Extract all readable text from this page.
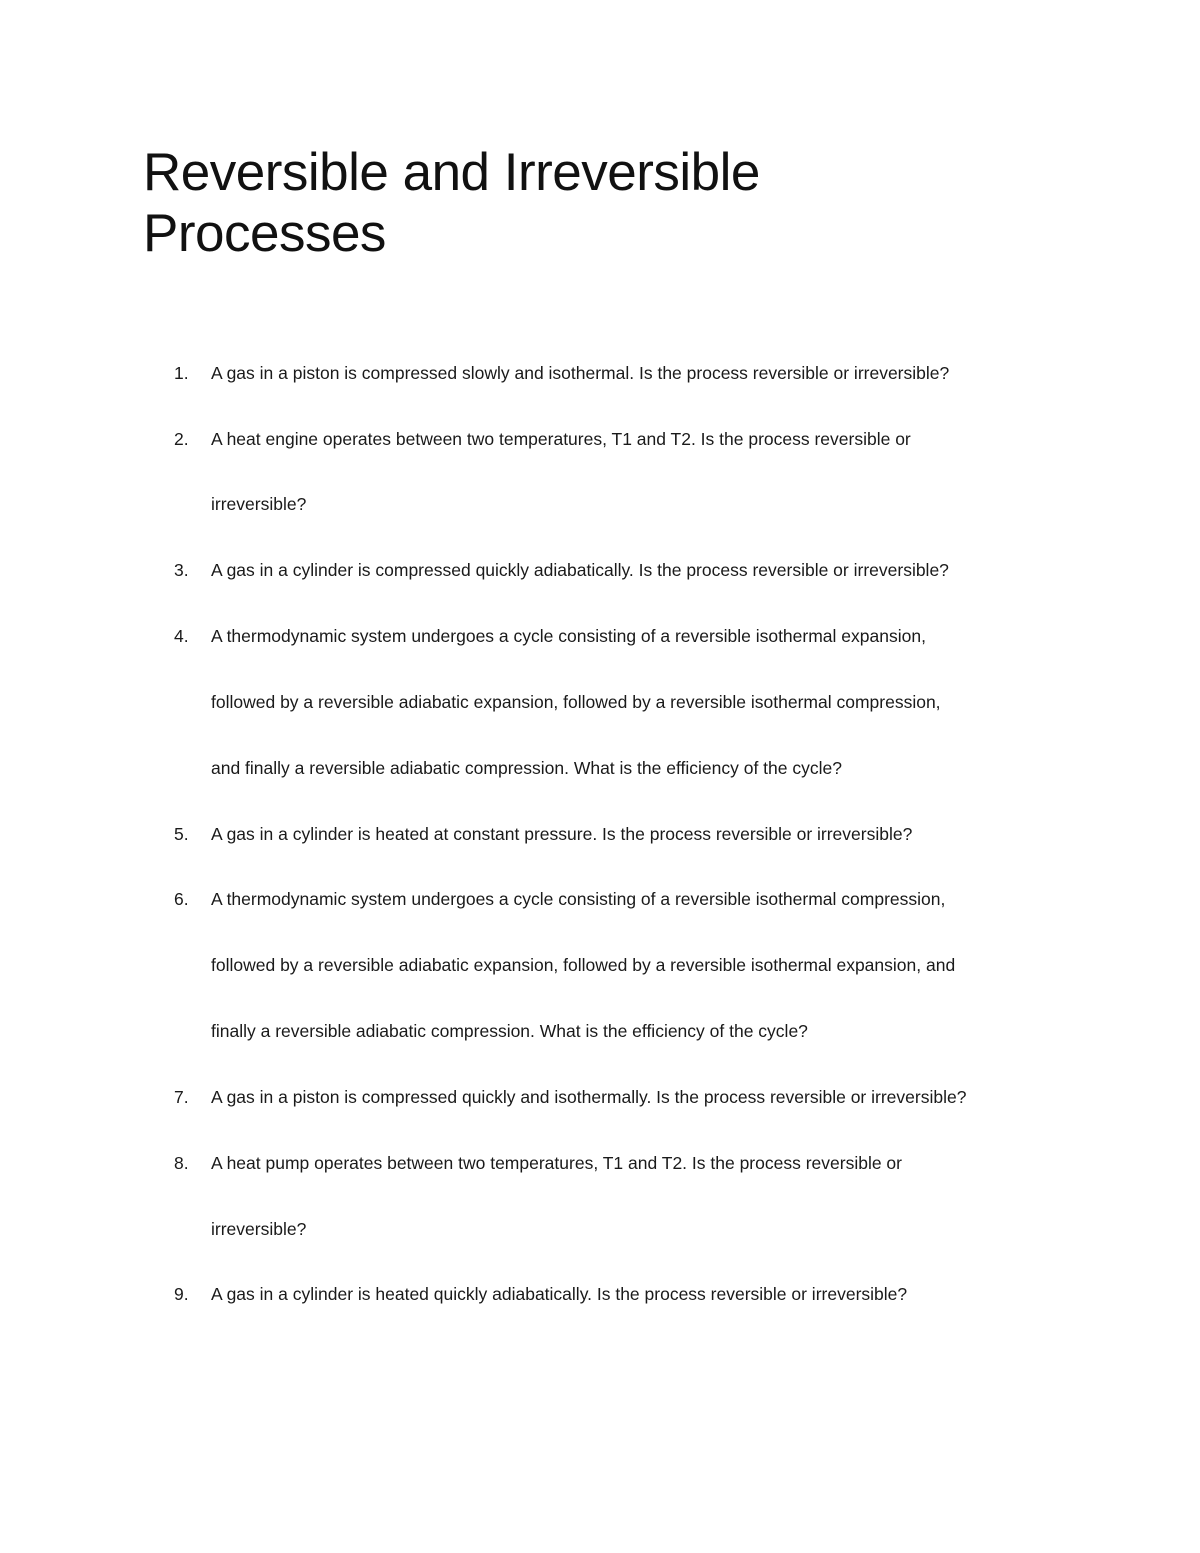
Reversible and Irreversible
Processes
1. A gas in a piston is compressed slowly and isothermal. Is the process reversible or irreversible?
2. A heat engine operates between two temperatures, T1 and T2. Is the process reversible or
irreversible?
3. A gas in a cylinder is compressed quickly adiabatically. Is the process reversible or irreversible?
4. A thermodynamic system undergoes a cycle consisting of a reversible isothermal expansion,
followed by a reversible adiabatic expansion, followed by a reversible isothermal compression,
and finally a reversible adiabatic compression. What is the efficiency of the cycle?
5. A gas in a cylinder is heated at constant pressure. Is the process reversible or irreversible?
6. A thermodynamic system undergoes a cycle consisting of a reversible isothermal compression,
followed by a reversible adiabatic expansion, followed by a reversible isothermal expansion, and
finally a reversible adiabatic compression. What is the efficiency of the cycle?
7. A gas in a piston is compressed quickly and isothermally. Is the process reversible or irreversible?
8. A heat pump operates between two temperatures, T1 and T2. Is the process reversible or
irreversible?
9. A gas in a cylinder is heated quickly adiabatically. Is the process reversible or irreversible?
